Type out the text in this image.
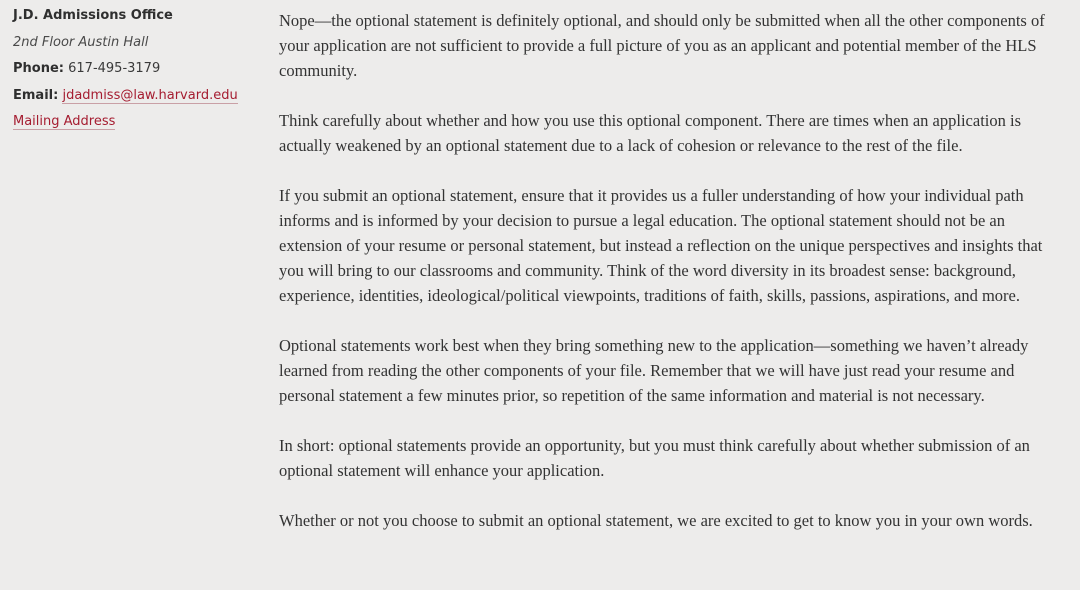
J.D. Admissions Office
2nd Floor Austin Hall
Phone: 617-495-3179
Email: jdadmiss@law.harvard.edu
Mailing Address

Nope—the optional statement is definitely optional, and should only be submitted when all the other components of your application are not sufficient to provide a full picture of you as an applicant and potential member of the HLS community.

Think carefully about whether and how you use this optional component. There are times when an application is actually weakened by an optional statement due to a lack of cohesion or relevance to the rest of the file.

If you submit an optional statement, ensure that it provides us a fuller understanding of how your individual path informs and is informed by your decision to pursue a legal education. The optional statement should not be an extension of your resume or personal statement, but instead a reflection on the unique perspectives and insights that you will bring to our classrooms and community. Think of the word diversity in its broadest sense: background, experience, identities, ideological/political viewpoints, traditions of faith, skills, passions, aspirations, and more.

Optional statements work best when they bring something new to the application—something we haven’t already learned from reading the other components of your file. Remember that we will have just read your resume and personal statement a few minutes prior, so repetition of the same information and material is not necessary.

In short: optional statements provide an opportunity, but you must think carefully about whether submission of an optional statement will enhance your application.

Whether or not you choose to submit an optional statement, we are excited to get to know you in your own words.
